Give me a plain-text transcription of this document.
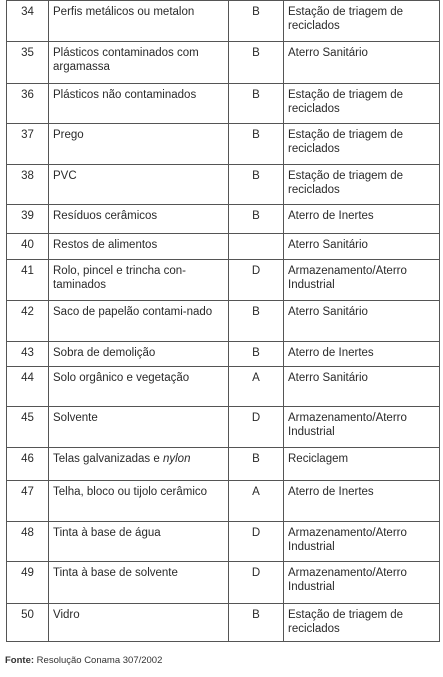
34	Perfis metálicos ou metalon	B	Estação de triagem de reciclados
35	Plásticos contaminados com argamassa	B	Aterro Sanitário
36	Plásticos não contaminados	B	Estação de triagem de reciclados
37	Prego	B	Estação de triagem de reciclados
38	PVC	B	Estação de triagem de reciclados
39	Resíduos cerâmicos	B	Aterro de Inertes
40	Restos de alimentos		Aterro Sanitário
41	Rolo, pincel e trincha con-taminados	D	Armazenamento/Aterro Industrial
42	Saco de papelão contami-nado	B	Aterro Sanitário
43	Sobra de demolição	B	Aterro de Inertes
44	Solo orgânico e vegetação	A	Aterro Sanitário
45	Solvente	D	Armazenamento/Aterro Industrial
46	Telas galvanizadas e nylon	B	Reciclagem
47	Telha, bloco ou tijolo cerâmico	A	Aterro de Inertes
48	Tinta à base de água	D	Armazenamento/Aterro Industrial
49	Tinta à base de solvente	D	Armazenamento/Aterro Industrial
50	Vidro	B	Estação de triagem de reciclados
Fonte: Resolução Conama 307/2002
